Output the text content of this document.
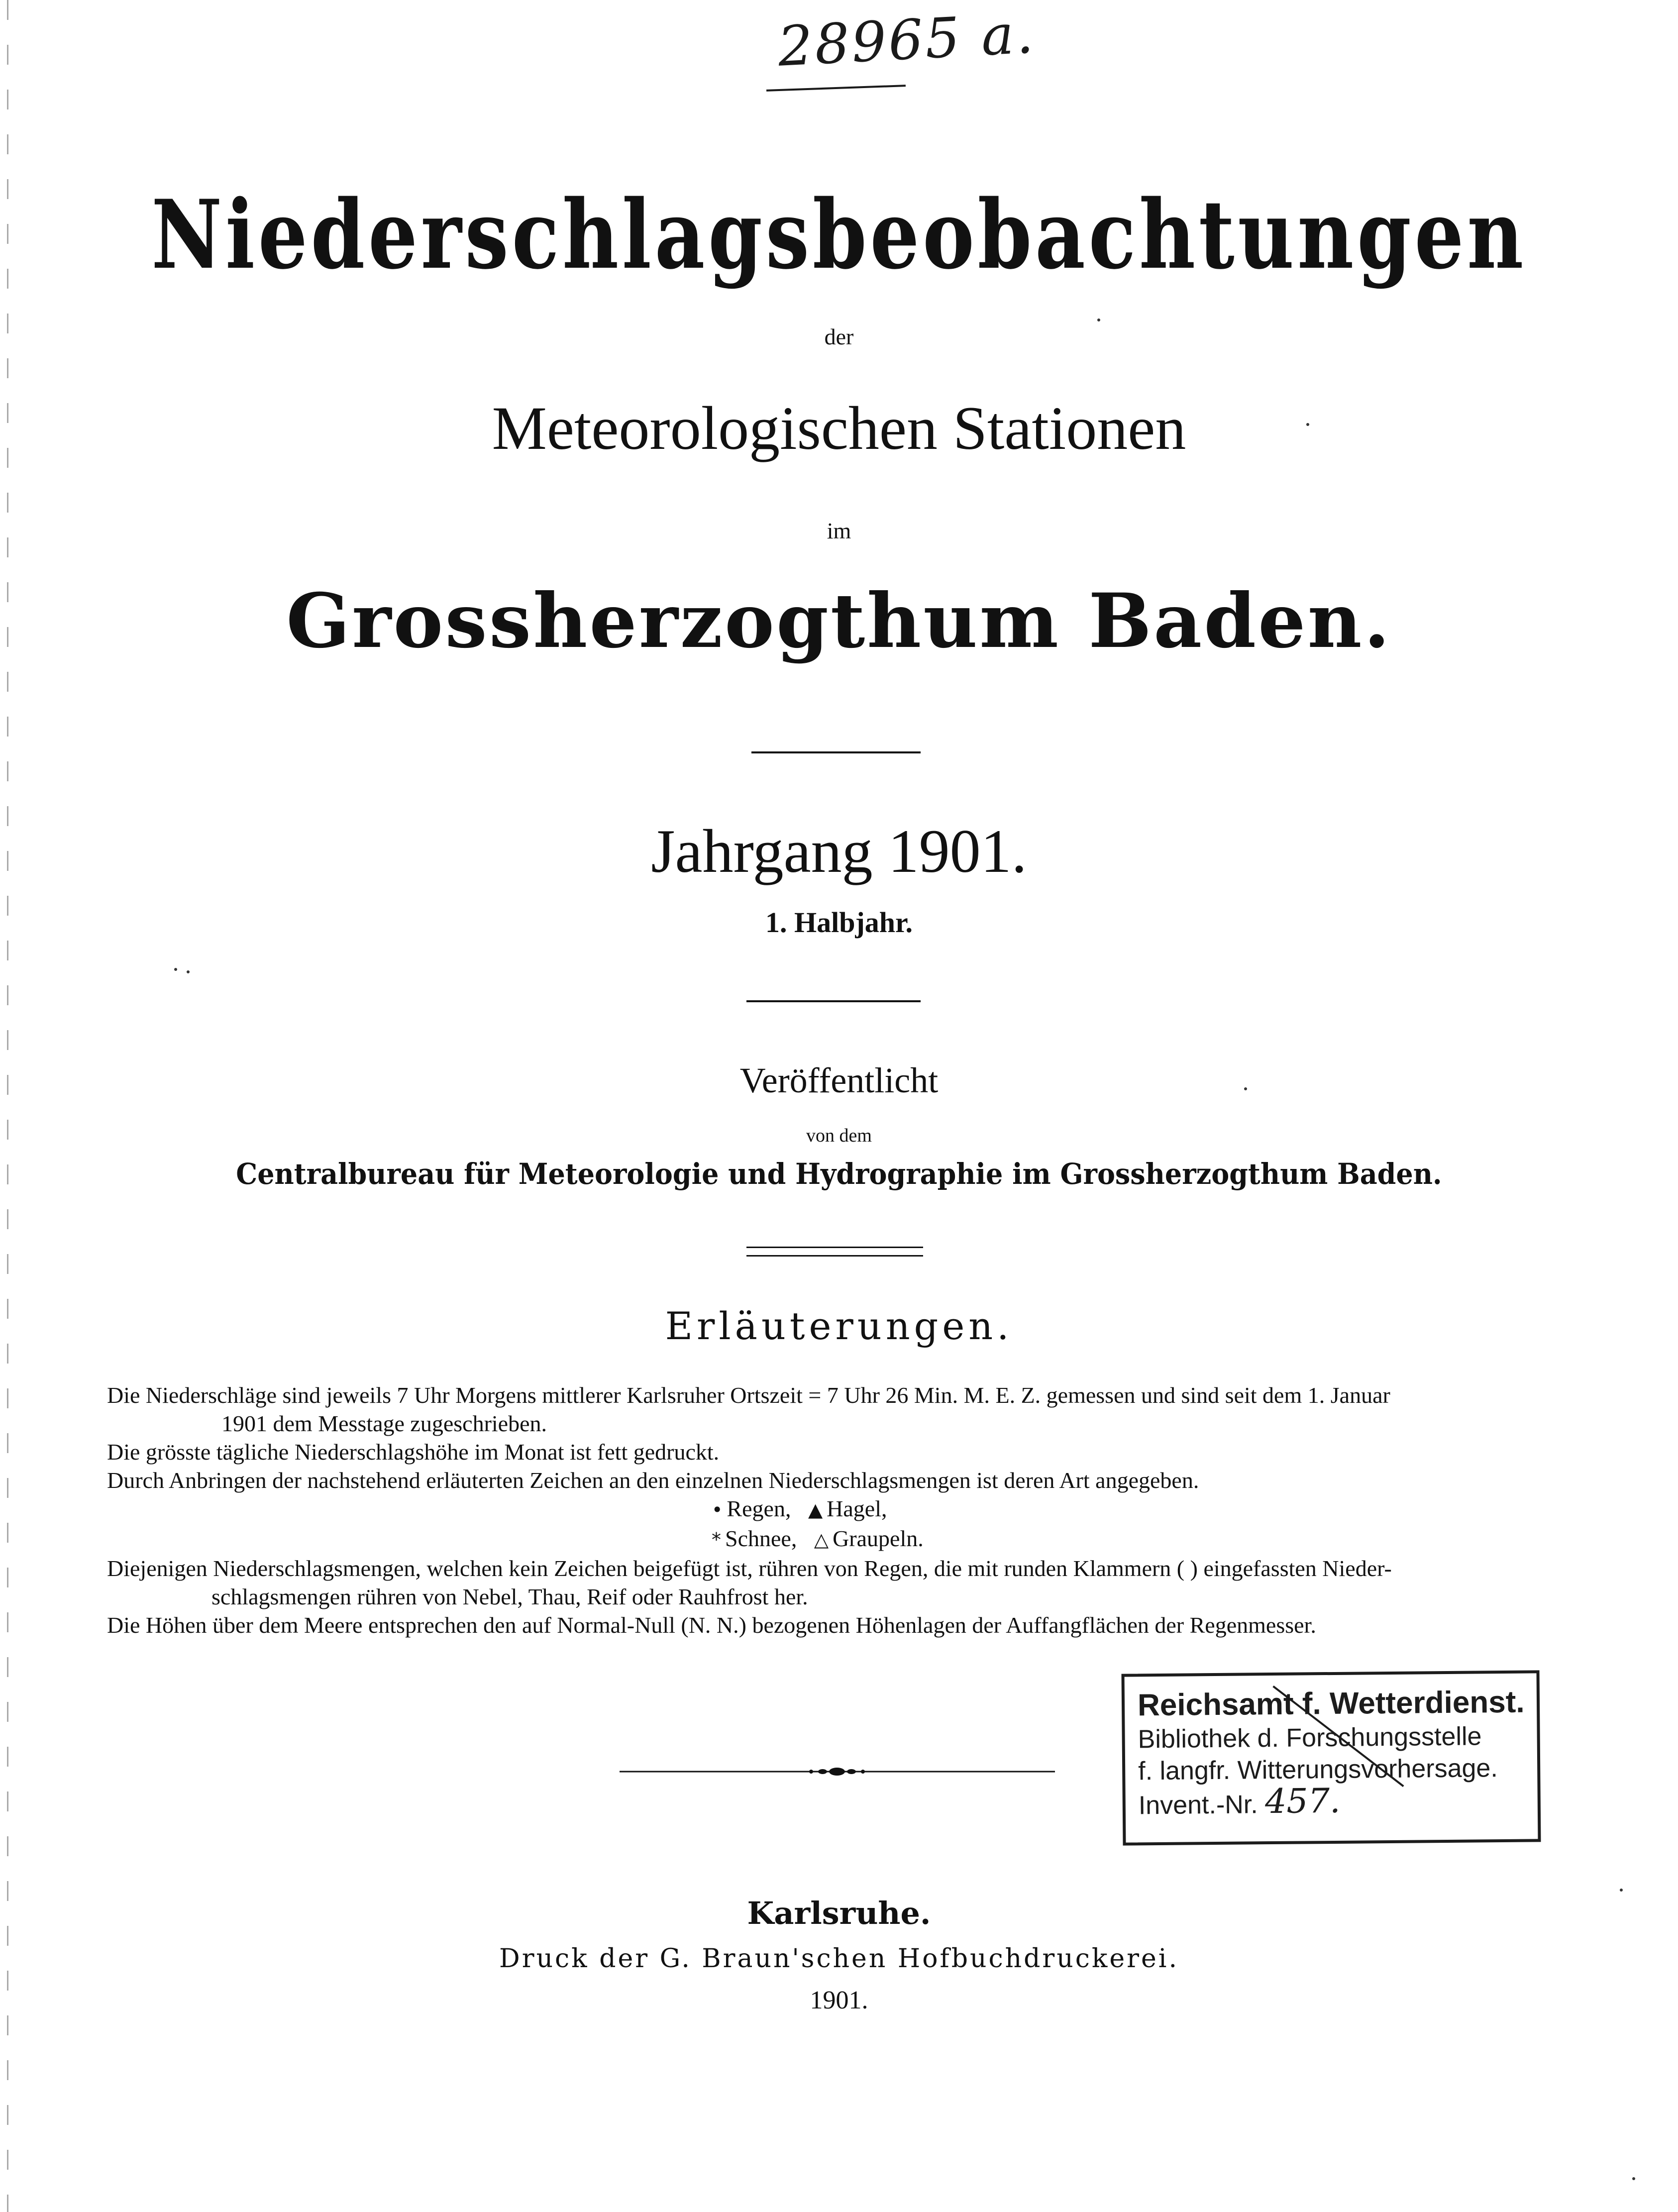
28965 a.
Niederschlagsbeobachtungen
der
Meteorologischen Stationen
im
Grossherzogthum Baden.
Jahrgang 1901.
1. Halbjahr.
Veröffentlicht
von dem
Centralbureau für Meteorologie und Hydrographie im Grossherzogthum Baden.
Erläuterungen.
Die Niederschläge sind jeweils 7 Uhr Morgens mittlerer Karlsruher Ortszeit = 7 Uhr 26 Min. M. E. Z. gemessen und sind seit dem 1. Januar
1901 dem Messtage zugeschrieben.
Die grösste tägliche Niederschlagshöhe im Monat ist fett gedruckt.
Durch Anbringen der nachstehend erläuterten Zeichen an den einzelnen Niederschlagsmengen ist deren Art angegeben.
• Regen, ▲ Hagel,
* Schnee, △ Graupeln.
Diejenigen Niederschlagsmengen, welchen kein Zeichen beigefügt ist, rühren von Regen, die mit runden Klammern ( ) eingefassten Nieder-
schlagsmengen rühren von Nebel, Thau, Reif oder Rauhfrost her.
Die Höhen über dem Meere entsprechen den auf Normal-Null (N. N.) bezogenen Höhenlagen der Auffangflächen der Regenmesser.
Reichsamt f. Wetterdienst.
Bibliothek d. Forschungsstelle
f. langfr. Witterungsvorhersage.
Invent.-Nr. 457.
Karlsruhe.
Druck der G. Braun'schen Hofbuchdruckerei.
1901.
